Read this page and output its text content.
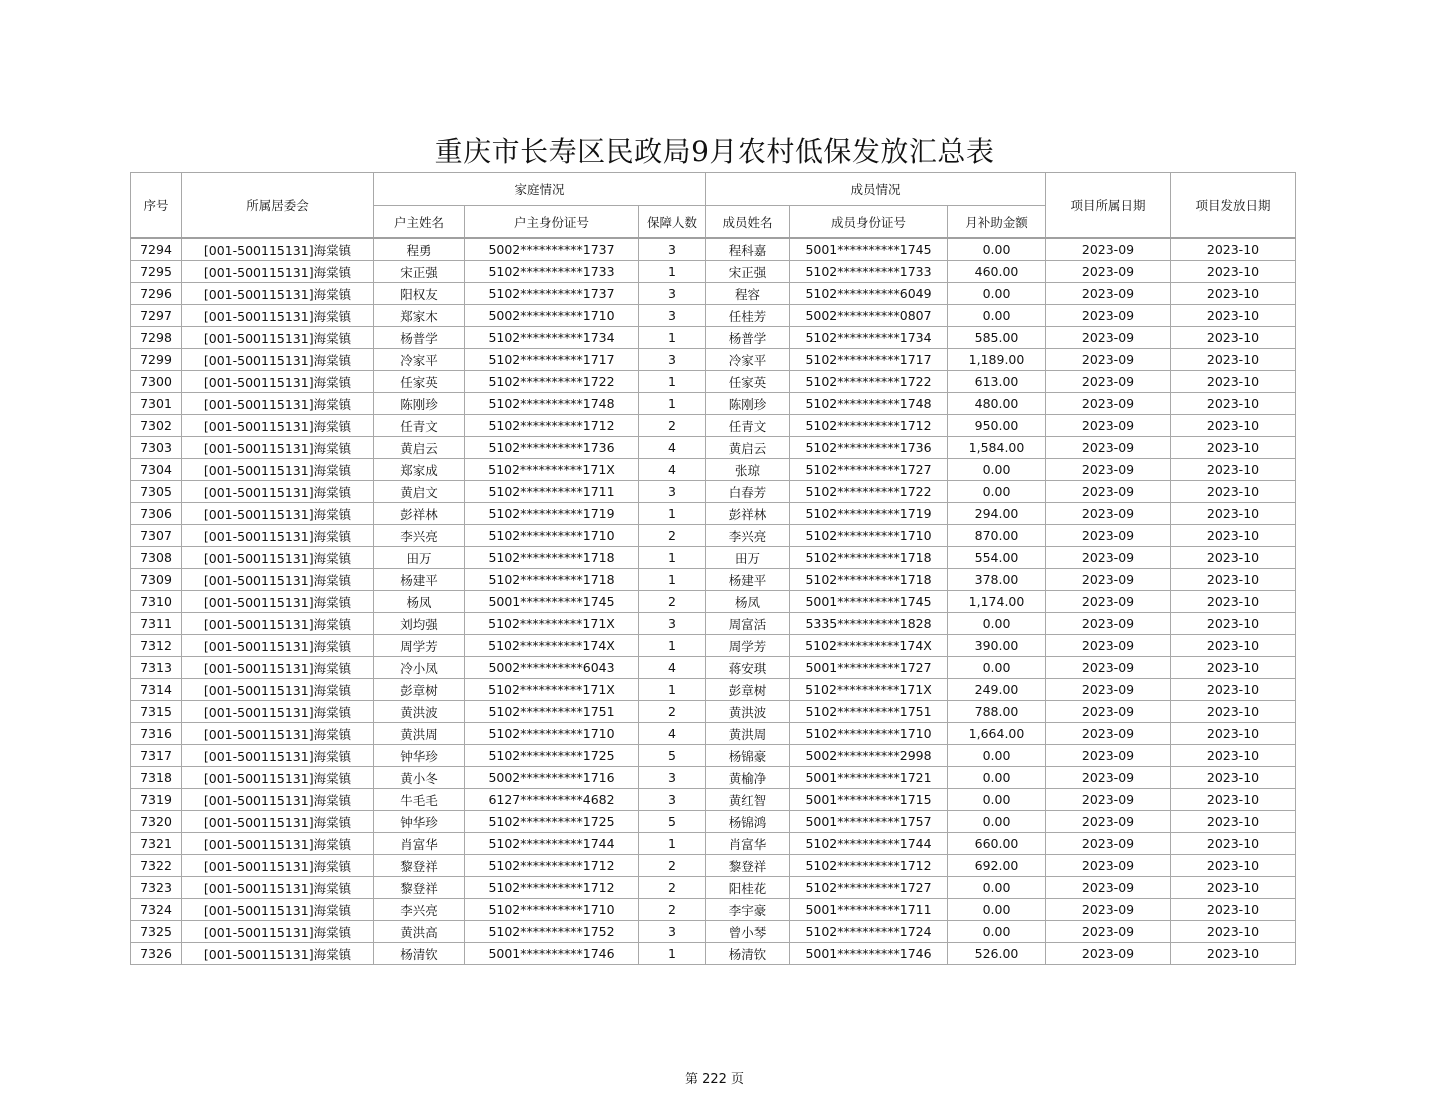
重庆市长寿区民政局9月农村低保发放汇总表
序号	所属居委会	家庭情况			成员情况			项目所属日期	项目发放日期
		户主姓名	户主身份证号	保障人数	成员姓名	成员身份证号	月补助金额		
7294	[001-500115131]海棠镇	程勇	5002**********1737	3	程科嘉	5001**********1745	0.00	2023-09	2023-10
7295	[001-500115131]海棠镇	宋正强	5102**********1733	1	宋正强	5102**********1733	460.00	2023-09	2023-10
7296	[001-500115131]海棠镇	阳权友	5102**********1737	3	程容	5102**********6049	0.00	2023-09	2023-10
7297	[001-500115131]海棠镇	郑家木	5002**********1710	3	任桂芳	5002**********0807	0.00	2023-09	2023-10
7298	[001-500115131]海棠镇	杨普学	5102**********1734	1	杨普学	5102**********1734	585.00	2023-09	2023-10
7299	[001-500115131]海棠镇	冷家平	5102**********1717	3	冷家平	5102**********1717	1,189.00	2023-09	2023-10
7300	[001-500115131]海棠镇	任家英	5102**********1722	1	任家英	5102**********1722	613.00	2023-09	2023-10
7301	[001-500115131]海棠镇	陈刚珍	5102**********1748	1	陈刚珍	5102**********1748	480.00	2023-09	2023-10
7302	[001-500115131]海棠镇	任青文	5102**********1712	2	任青文	5102**********1712	950.00	2023-09	2023-10
7303	[001-500115131]海棠镇	黄启云	5102**********1736	4	黄启云	5102**********1736	1,584.00	2023-09	2023-10
7304	[001-500115131]海棠镇	郑家成	5102**********171X	4	张琼	5102**********1727	0.00	2023-09	2023-10
7305	[001-500115131]海棠镇	黄启文	5102**********1711	3	白春芳	5102**********1722	0.00	2023-09	2023-10
7306	[001-500115131]海棠镇	彭祥林	5102**********1719	1	彭祥林	5102**********1719	294.00	2023-09	2023-10
7307	[001-500115131]海棠镇	李兴亮	5102**********1710	2	李兴亮	5102**********1710	870.00	2023-09	2023-10
7308	[001-500115131]海棠镇	田万	5102**********1718	1	田万	5102**********1718	554.00	2023-09	2023-10
7309	[001-500115131]海棠镇	杨建平	5102**********1718	1	杨建平	5102**********1718	378.00	2023-09	2023-10
7310	[001-500115131]海棠镇	杨凤	5001**********1745	2	杨凤	5001**********1745	1,174.00	2023-09	2023-10
7311	[001-500115131]海棠镇	刘均强	5102**********171X	3	周富活	5335**********1828	0.00	2023-09	2023-10
7312	[001-500115131]海棠镇	周学芳	5102**********174X	1	周学芳	5102**********174X	390.00	2023-09	2023-10
7313	[001-500115131]海棠镇	冷小凤	5002**********6043	4	蒋安琪	5001**********1727	0.00	2023-09	2023-10
7314	[001-500115131]海棠镇	彭章树	5102**********171X	1	彭章树	5102**********171X	249.00	2023-09	2023-10
7315	[001-500115131]海棠镇	黄洪波	5102**********1751	2	黄洪波	5102**********1751	788.00	2023-09	2023-10
7316	[001-500115131]海棠镇	黄洪周	5102**********1710	4	黄洪周	5102**********1710	1,664.00	2023-09	2023-10
7317	[001-500115131]海棠镇	钟华珍	5102**********1725	5	杨锦豪	5002**********2998	0.00	2023-09	2023-10
7318	[001-500115131]海棠镇	黄小冬	5002**********1716	3	黄榆净	5001**********1721	0.00	2023-09	2023-10
7319	[001-500115131]海棠镇	牛毛毛	6127**********4682	3	黄红智	5001**********1715	0.00	2023-09	2023-10
7320	[001-500115131]海棠镇	钟华珍	5102**********1725	5	杨锦鸿	5001**********1757	0.00	2023-09	2023-10
7321	[001-500115131]海棠镇	肖富华	5102**********1744	1	肖富华	5102**********1744	660.00	2023-09	2023-10
7322	[001-500115131]海棠镇	黎登祥	5102**********1712	2	黎登祥	5102**********1712	692.00	2023-09	2023-10
7323	[001-500115131]海棠镇	黎登祥	5102**********1712	2	阳桂花	5102**********1727	0.00	2023-09	2023-10
7324	[001-500115131]海棠镇	李兴亮	5102**********1710	2	李宇豪	5001**********1711	0.00	2023-09	2023-10
7325	[001-500115131]海棠镇	黄洪高	5102**********1752	3	曾小琴	5102**********1724	0.00	2023-09	2023-10
7326	[001-500115131]海棠镇	杨清钦	5001**********1746	1	杨清钦	5001**********1746	526.00	2023-09	2023-10
第 222 页
